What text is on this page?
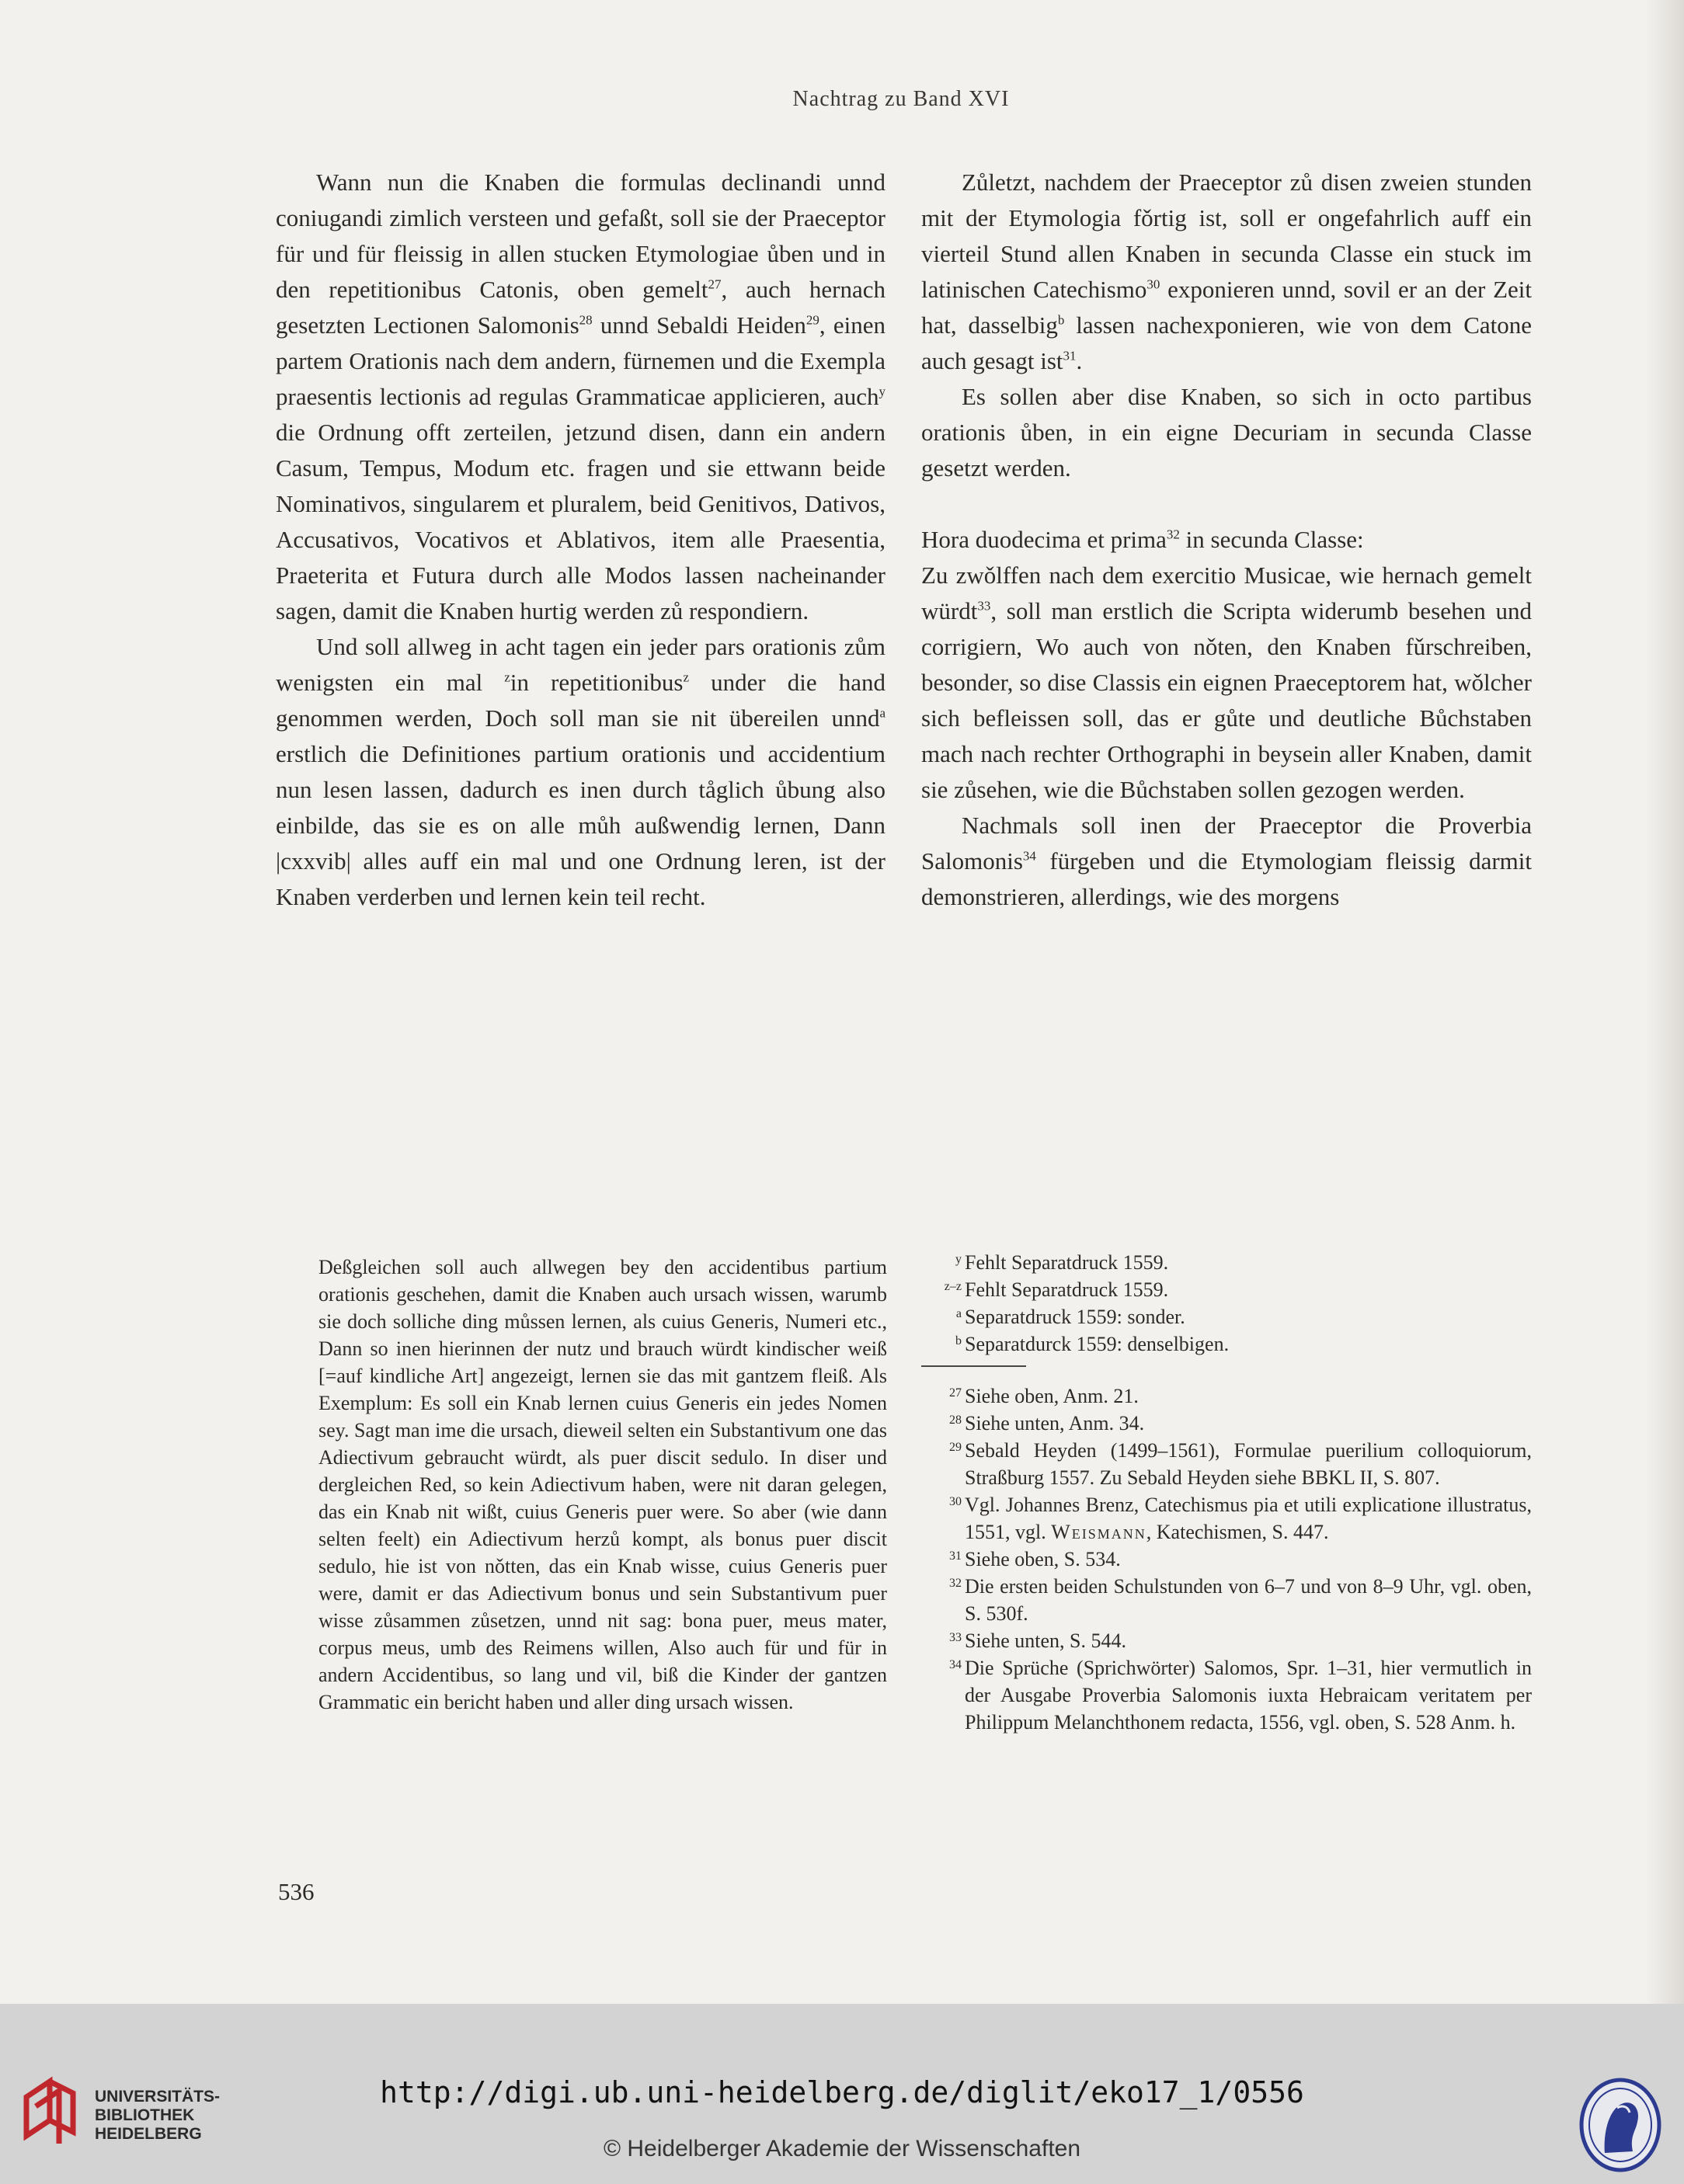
Nachtrag zu Band XVI

Wann nun die Knaben die formulas declinandi unnd coniugandi zimlich versteen und gefaßt, soll sie der Praeceptor für und für fleissig in allen stucken Etymologiae ůben und in den repetitionibus Catonis, oben gemelt$^{27}$, auch hernach gesetzten Lectionen Salomonis$^{28}$ unnd Sebaldi Heiden$^{29}$, einen partem Orationis nach dem andern, fürnemen und die Exempla praesentis lectionis ad regulas Grammaticae applicieren, auch$^y$ die Ordnung offt zerteilen, jetzund disen, dann ein andern Casum, Tempus, Modum etc. fragen und sie ettwann beide Nominativos, singularem et pluralem, beid Genitivos, Dativos, Accusativos, Vocativos et Ablativos, item alle Praesentia, Praeterita et Futura durch alle Modos lassen nacheinander sagen, damit die Knaben hurtig werden zů respondiern.

Und soll allweg in acht tagen ein jeder pars orationis zům wenigsten ein mal $^z$in repetitionibus$^z$ under die hand genommen werden, Doch soll man sie nit übereilen unnd$^a$ erstlich die Definitiones partium orationis und accidentium nun lesen lassen, dadurch es inen durch tåglich ůbung also einbilde, das sie es on alle můh außwendig lernen, Dann |cxxvib| alles auff ein mal und one Ordnung leren, ist der Knaben verderben und lernen kein teil recht.

Zůletzt, nachdem der Praeceptor zů disen zweien stunden mit der Etymologia fǒrtig ist, soll er ongefahrlich auff ein vierteil Stund allen Knaben in secunda Classe ein stuck im latinischen Catechismo$^{30}$ exponieren unnd, sovil er an der Zeit hat, dasselbig$^b$ lassen nachexponieren, wie von dem Catone auch gesagt ist$^{31}$.

Es sollen aber dise Knaben, so sich in octo partibus orationis ůben, in ein eigne Decuriam in secunda Classe gesetzt werden.

Hora duodecima et prima$^{32}$ in secunda Classe:

Zu zwǒlffen nach dem exercitio Musicae, wie hernach gemelt würdt$^{33}$, soll man erstlich die Scripta widerumb besehen und corrigiern, Wo auch von nǒten, den Knaben fǔrschreiben, besonder, so dise Classis ein eignen Praeceptorem hat, wǒlcher sich befleissen soll, das er gůte und deutliche Bůchstaben mach nach rechter Orthographi in beysein aller Knaben, damit sie zůsehen, wie die Bůchstaben sollen gezogen werden.

Nachmals soll inen der Praeceptor die Proverbia Salomonis$^{34}$ fürgeben und die Etymologiam fleissig darmit demonstrieren, allerdings, wie des morgens

Deßgleichen soll auch allwegen bey den accidentibus partium orationis geschehen, damit die Knaben auch ursach wissen, warumb sie doch solliche ding můssen lernen, als cuius Generis, Numeri etc., Dann so inen hierinnen der nutz und brauch würdt kindischer weiß [=auf kindliche Art] angezeigt, lernen sie das mit gantzem fleiß. Als Exemplum: Es soll ein Knab lernen cuius Generis ein jedes Nomen sey. Sagt man ime die ursach, dieweil selten ein Substantivum one das Adiectivum gebraucht würdt, als puer discit sedulo. In diser und dergleichen Red, so kein Adiectivum haben, were nit daran gelegen, das ein Knab nit wißt, cuius Generis puer were. So aber (wie dann selten feelt) ein Adiectivum herzů kompt, als bonus puer discit sedulo, hie ist von nǒtten, das ein Knab wisse, cuius Generis puer were, damit er das Adiectivum bonus und sein Substantivum puer wisse zůsammen zůsetzen, unnd nit sag: bona puer, meus mater, corpus meus, umb des Reimens willen, Also auch für und für in andern Accidentibus, so lang und vil, biß die Kinder der gantzen Grammatic ein bericht haben und aller ding ursach wissen.

y Fehlt Separatdruck 1559.
z–z Fehlt Separatdruck 1559.
a Separatdruck 1559: sonder.
b Separatdurck 1559: denselbigen.
27 Siehe oben, Anm. 21.
28 Siehe unten, Anm. 34.
29 Sebald Heyden (1499–1561), Formulae puerilium colloquiorum, Straßburg 1557. Zu Sebald Heyden siehe BBKL II, S. 807.
30 Vgl. Johannes Brenz, Catechismus pia et utili explicatione illustratus, 1551, vgl. Weismann, Katechismen, S. 447.
31 Siehe oben, S. 534.
32 Die ersten beiden Schulstunden von 6–7 und von 8–9 Uhr, vgl. oben, S. 530f.
33 Siehe unten, S. 544.
34 Die Sprüche (Sprichwörter) Salomos, Spr. 1–31, hier vermutlich in der Ausgabe Proverbia Salomonis iuxta Hebraicam veritatem per Philippum Melanchthonem redacta, 1556, vgl. oben, S. 528 Anm. h.
536
UNIVERSITÄTS-
BIBLIOTHEK
HEIDELBERG
http://digi.ub.uni-heidelberg.de/diglit/eko17_1/0556
© Heidelberger Akademie der Wissenschaften
